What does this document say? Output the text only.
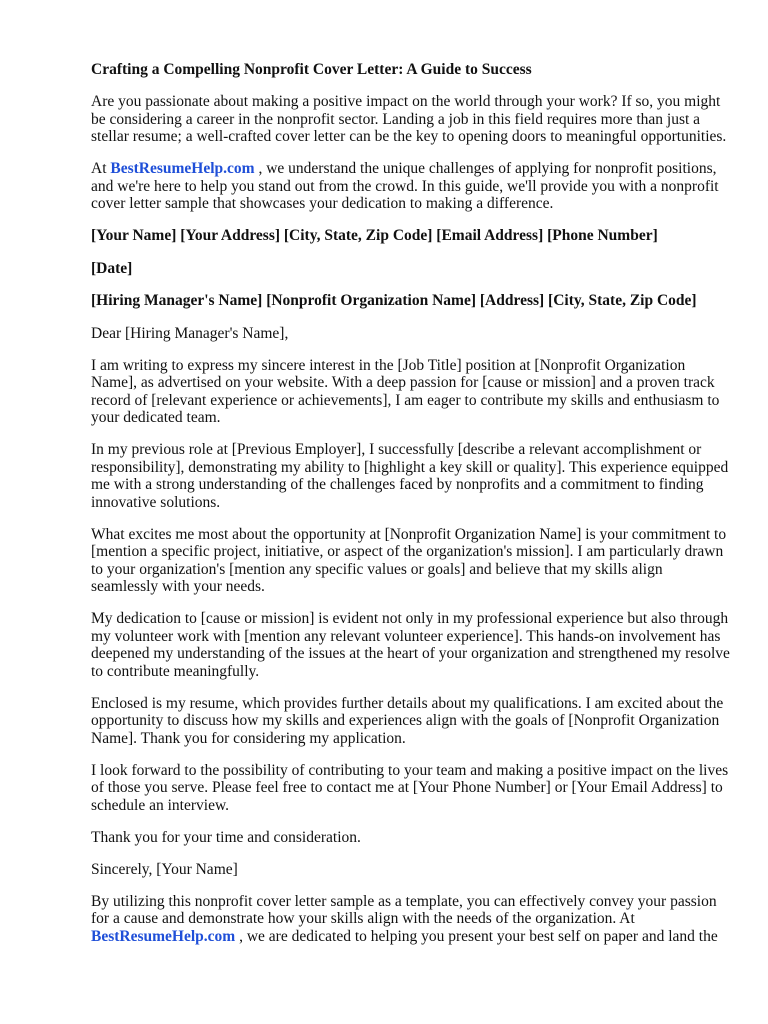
Crafting a Compelling Nonprofit Cover Letter: A Guide to Success

Are you passionate about making a positive impact on the world through your work? If so, you might be considering a career in the nonprofit sector. Landing a job in this field requires more than just a stellar resume; a well-crafted cover letter can be the key to opening doors to meaningful opportunities.

At BestResumeHelp.com , we understand the unique challenges of applying for nonprofit positions, and we're here to help you stand out from the crowd. In this guide, we'll provide you with a nonprofit cover letter sample that showcases your dedication to making a difference.

[Your Name] [Your Address] [City, State, Zip Code] [Email Address] [Phone Number]

[Date]

[Hiring Manager's Name] [Nonprofit Organization Name] [Address] [City, State, Zip Code]

Dear [Hiring Manager's Name],

I am writing to express my sincere interest in the [Job Title] position at [Nonprofit Organization Name], as advertised on your website. With a deep passion for [cause or mission] and a proven track record of [relevant experience or achievements], I am eager to contribute my skills and enthusiasm to your dedicated team.

In my previous role at [Previous Employer], I successfully [describe a relevant accomplishment or responsibility], demonstrating my ability to [highlight a key skill or quality]. This experience equipped me with a strong understanding of the challenges faced by nonprofits and a commitment to finding innovative solutions.

What excites me most about the opportunity at [Nonprofit Organization Name] is your commitment to [mention a specific project, initiative, or aspect of the organization's mission]. I am particularly drawn to your organization's [mention any specific values or goals] and believe that my skills align seamlessly with your needs.

My dedication to [cause or mission] is evident not only in my professional experience but also through my volunteer work with [mention any relevant volunteer experience]. This hands-on involvement has deepened my understanding of the issues at the heart of your organization and strengthened my resolve to contribute meaningfully.

Enclosed is my resume, which provides further details about my qualifications. I am excited about the opportunity to discuss how my skills and experiences align with the goals of [Nonprofit Organization Name]. Thank you for considering my application.

I look forward to the possibility of contributing to your team and making a positive impact on the lives of those you serve. Please feel free to contact me at [Your Phone Number] or [Your Email Address] to schedule an interview.

Thank you for your time and consideration.

Sincerely, [Your Name]

By utilizing this nonprofit cover letter sample as a template, you can effectively convey your passion for a cause and demonstrate how your skills align with the needs of the organization. At BestResumeHelp.com , we are dedicated to helping you present your best self on paper and land the
